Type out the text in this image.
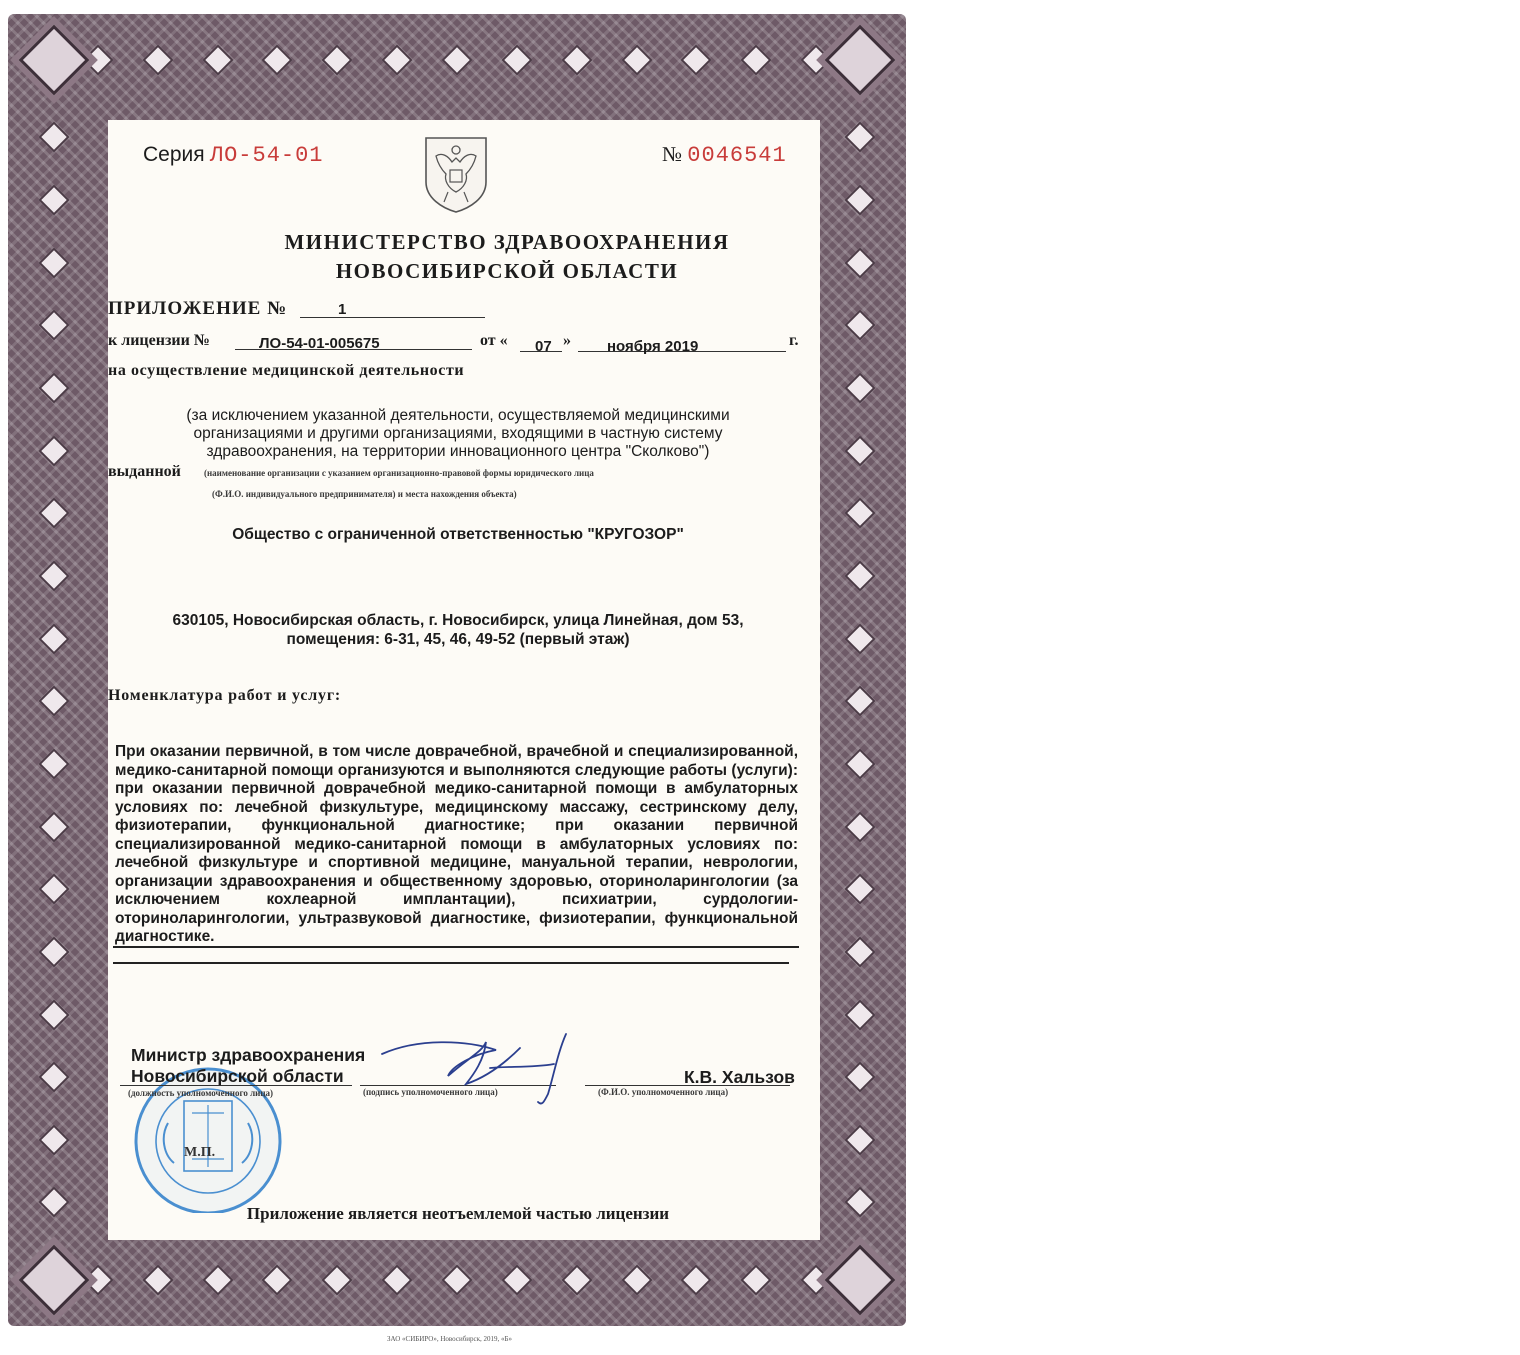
Серия ЛО-54-01	№ 0046541
МИНИСТЕРСТВО ЗДРАВООХРАНЕНИЯ
НОВОСИБИРСКОЙ ОБЛАСТИ
ПРИЛОЖЕНИЕ №	1
к лицензии №	ЛО-54-01-005675	от « 07 » ноября 2019	г.
на осуществление медицинской деятельности
(за исключением указанной деятельности, осуществляемой медицинскими
организациями и другими организациями, входящими в частную систему
здравоохранения, на территории инновационного центра "Сколково")
выданной	(наименование организации с указанием организационно-правовой формы юридического лица
(Ф.И.О. индивидуального предпринимателя) и места нахождения объекта)
Общество с ограниченной ответственностью "КРУГОЗОР"
630105, Новосибирская область, г. Новосибирск, улица Линейная, дом 53,
помещения: 6-31, 45, 46, 49-52 (первый этаж)
Номенклатура работ и услуг:
При оказании первичной, в том числе доврачебной, врачебной и специализированной, медико-санитарной помощи организуются и выполняются следующие работы (услуги): при оказании первичной доврачебной медико-санитарной помощи в амбулаторных условиях по: лечебной физкультуре, медицинскому массажу, сестринскому делу, физиотерапии, функциональной диагностике; при оказании первичной специализированной медико-санитарной помощи в амбулаторных условиях по: лечебной физкультуре и спортивной медицине, мануальной терапии, неврологии, организации здравоохранения и общественному здоровью, оториноларингологии (за исключением кохлеарной имплантации), психиатрии, сурдологии-оториноларингологии, ультразвуковой диагностике, физиотерапии, функциональной диагностике.
М.П.
Министр здравоохранения
Новосибирской области	К.В. Хальзов
(должность уполномоченного лица)	(подпись уполномоченного лица)	(Ф.И.О. уполномоченного лица)
Приложение является неотъемлемой частью лицензии
ЗАО «СИБИРО», Новосибирск, 2019, «Б»
